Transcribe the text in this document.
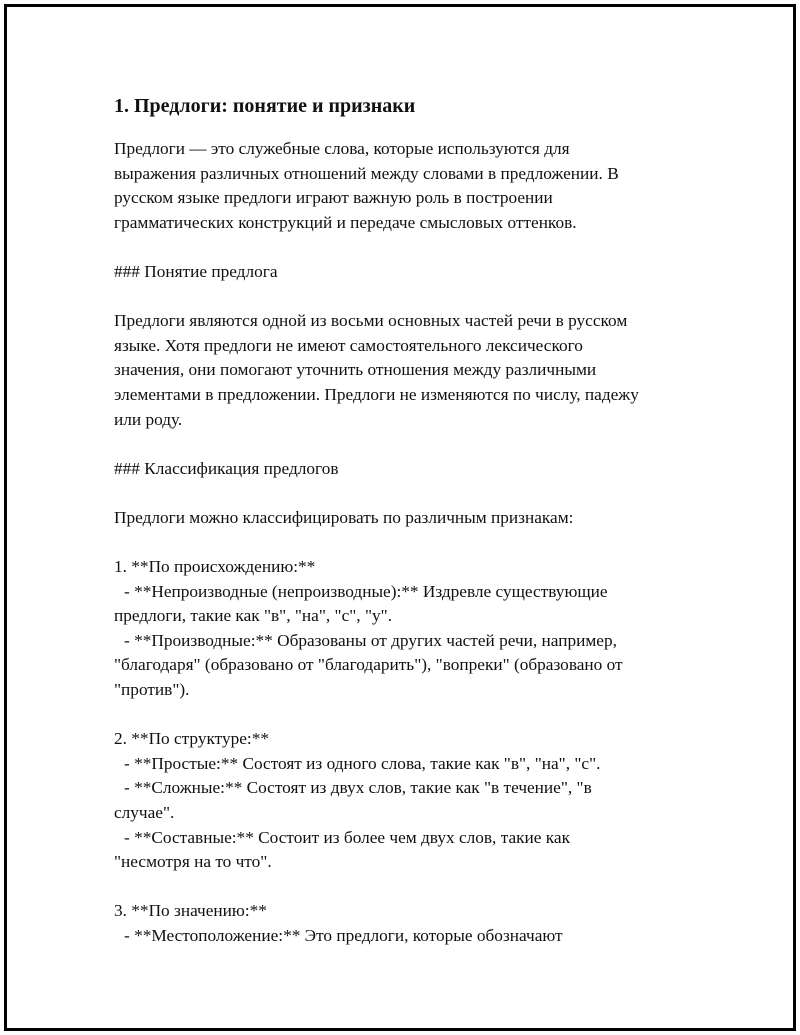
1. Предлоги: понятие и признаки

Предлоги — это служебные слова, которые используются для

выражения различных отношений между словами в предложении. В

русском языке предлоги играют важную роль в построении

грамматических конструкций и передаче смысловых оттенков.

### Понятие предлога

Предлоги являются одной из восьми основных частей речи в русском

языке. Хотя предлоги не имеют самостоятельного лексического

значения, они помогают уточнить отношения между различными

элементами в предложении. Предлоги не изменяются по числу, падежу

или роду.

### Классификация предлогов

Предлоги можно классифицировать по различным признакам:

1. **По происхождению:**

- **Непроизводные (непроизводные):** Издревле существующие

предлоги, такие как "в", "на", "с", "у".

- **Производные:** Образованы от других частей речи, например,

"благодаря" (образовано от "благодарить"), "вопреки" (образовано от

"против").

2. **По структуре:**

- **Простые:** Состоят из одного слова, такие как "в", "на", "с".

- **Сложные:** Состоят из двух слов, такие как "в течение", "в

случае".

- **Составные:** Состоит из более чем двух слов, такие как

"несмотря на то что".

3. **По значению:**

- **Местоположение:** Это предлоги, которые обозначают
